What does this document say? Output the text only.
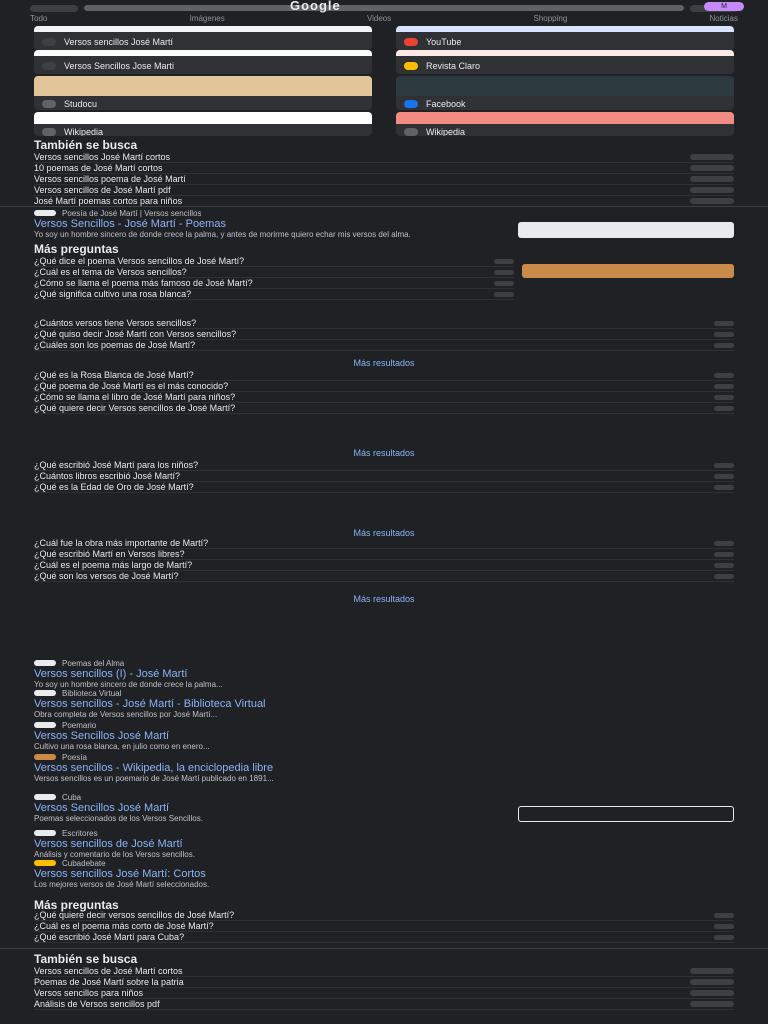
Google	M
Todo	Imágenes	Videos	Shopping	Noticias
Versos sencillos José Martí	YouTube
Versos Sencillos Jose Marti	Revista Claro
Studocu	Facebook
Wikipedia	Wikipedia
También se busca
Versos sencillos José Martí cortos
10 poemas de José Martí cortos
Versos sencillos poema de José Martí
Versos sencillos de José Martí pdf
José Martí poemas cortos para niños
Poesía de José Martí | Versos sencillos
Versos Sencillos - José Martí - Poemas
Yo soy un hombre sincero de donde crece la palma, y antes de morirme quiero echar mis versos del alma.
Más preguntas
¿Qué dice el poema Versos sencillos de José Martí?
¿Cuál es el tema de Versos sencillos?
¿Cómo se llama el poema más famoso de José Martí?
¿Qué significa cultivo una rosa blanca?
¿Cuántos versos tiene Versos sencillos?
¿Qué quiso decir José Martí con Versos sencillos?
¿Cuáles son los poemas de José Martí?
Más resultados
¿Qué es la Rosa Blanca de José Martí?
¿Qué poema de José Martí es el más conocido?
¿Cómo se llama el libro de José Martí para niños?
¿Qué quiere decir Versos sencillos de José Martí?
Más resultados
¿Qué escribió José Martí para los niños?
¿Cuántos libros escribió José Martí?
¿Qué es la Edad de Oro de José Martí?
Más resultados
¿Cuál fue la obra más importante de Martí?
¿Qué escribió Martí en Versos libres?
¿Cuál es el poema más largo de Martí?
¿Qué son los versos de José Martí?
Más resultados
Poemas del Alma
Versos sencillos (I) - José Martí
Yo soy un hombre sincero de donde crece la palma...
Biblioteca Virtual
Versos sencillos - José Martí - Biblioteca Virtual
Obra completa de Versos sencillos por José Martí...
Poemario
Versos Sencillos José Martí
Cultivo una rosa blanca, en julio como en enero...
Poesía
Versos sencillos - Wikipedia, la enciclopedia libre
Versos sencillos es un poemario de José Martí publicado en 1891...
Cuba
Versos Sencillos José Martí
Poemas seleccionados de los Versos Sencillos.
Escritores
Versos sencillos de José Martí
Análisis y comentario de los Versos sencillos.
Cubadebate
Versos sencillos José Martí: Cortos
Los mejores versos de José Martí seleccionados.
Más preguntas
¿Qué quiere decir versos sencillos de José Martí?
¿Cuál es el poema más corto de José Martí?
¿Qué escribió José Martí para Cuba?
También se busca
Versos sencillos de José Martí cortos
Poemas de José Martí sobre la patria
Versos sencillos para niños
Análisis de Versos sencillos pdf
